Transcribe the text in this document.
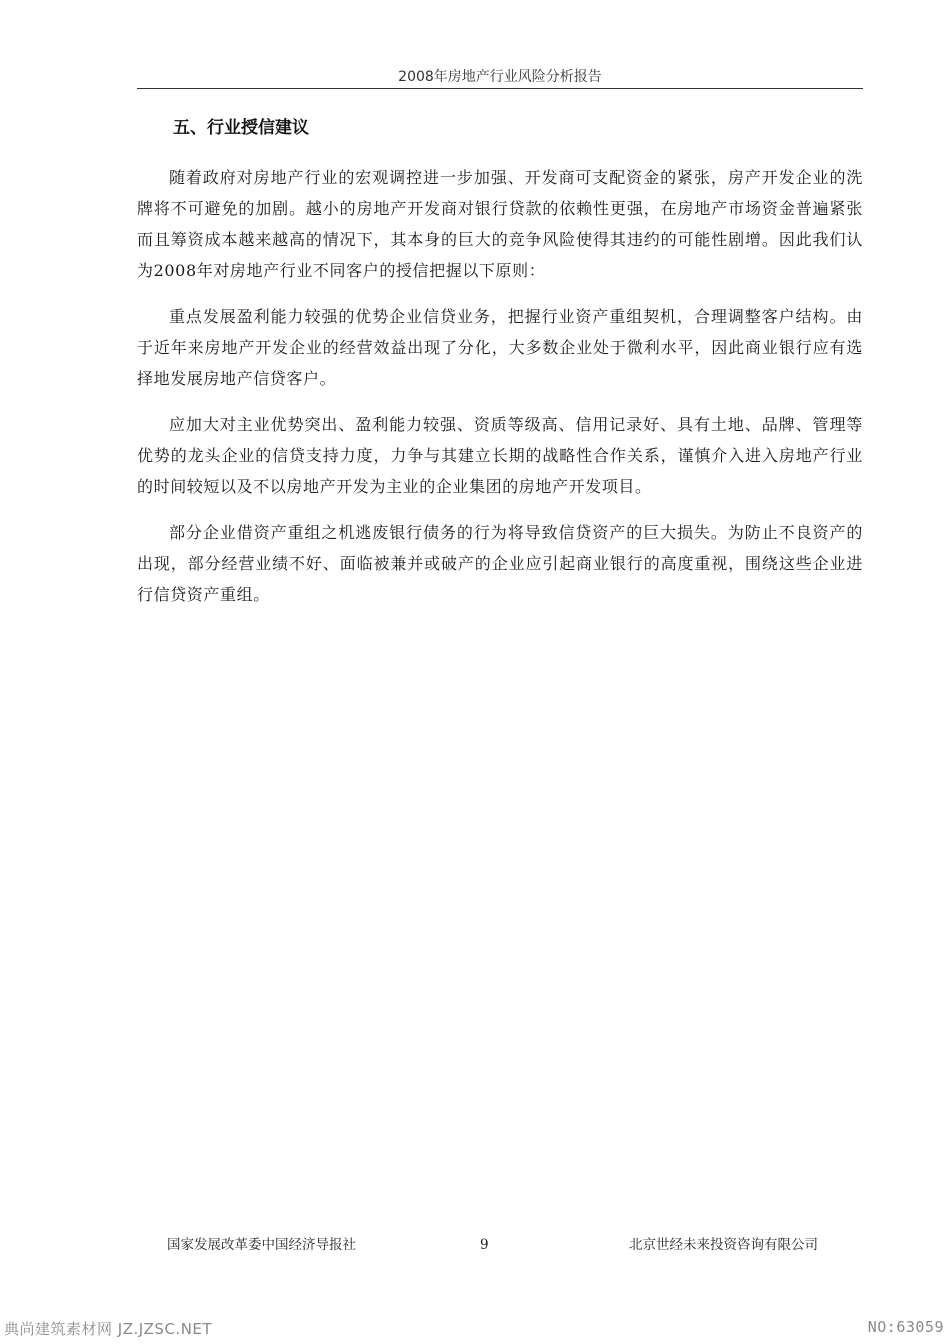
2008年房地产行业风险分析报告
五、行业授信建议

随着政府对房地产行业的宏观调控进一步加强、开发商可支配资金的紧张，房产开发企业的洗牌将不可避免的加剧。越小的房地产开发商对银行贷款的依赖性更强，在房地产市场资金普遍紧张而且筹资成本越来越高的情况下，其本身的巨大的竞争风险使得其违约的可能性剧增。因此我们认为2008年对房地产行业不同客户的授信把握以下原则：

重点发展盈利能力较强的优势企业信贷业务，把握行业资产重组契机，合理调整客户结构。由于近年来房地产开发企业的经营效益出现了分化，大多数企业处于微利水平，因此商业银行应有选择地发展房地产信贷客户。

应加大对主业优势突出、盈利能力较强、资质等级高、信用记录好、具有土地、品牌、管理等优势的龙头企业的信贷支持力度，力争与其建立长期的战略性合作关系，谨慎介入进入房地产行业的时间较短以及不以房地产开发为主业的企业集团的房地产开发项目。

部分企业借资产重组之机逃废银行债务的行为将导致信贷资产的巨大损失。为防止不良资产的出现，部分经营业绩不好、面临被兼并或破产的企业应引起商业银行的高度重视，围绕这些企业进行信贷资产重组。

国家发展改革委中国经济导报社	9	北京世经未来投资咨询有限公司
典尚建筑素材网 JZ.JZSC.NET	NO:63059
